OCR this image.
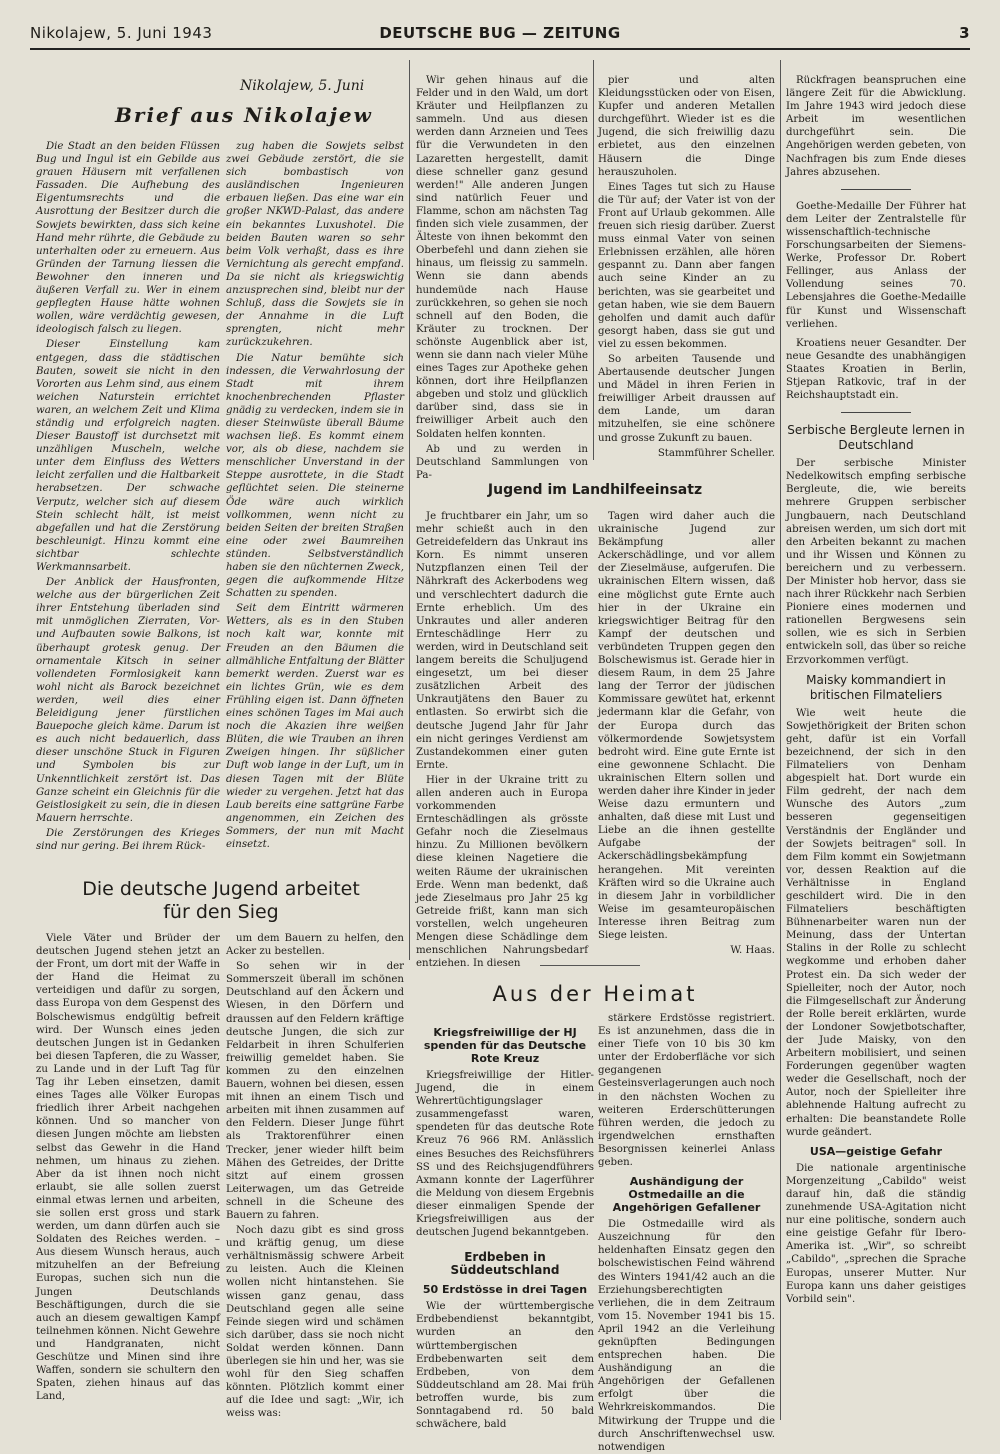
Nikolajew, 5. Juni 1943	DEUTSCHE BUG — ZEITUNG	3
Nikolajew, 5. Juni
Brief aus Nikolajew

Die Stadt an den beiden Flüssen Bug und Ingul ist ein Gebilde aus grauen Häusern mit verfallenen Fassaden. Die Aufhebung des Eigentumsrechts und die Ausrottung der Besitzer durch die Sowjets bewirkten, dass sich keine Hand mehr rührte, die Gebäude zu unterhalten oder zu erneuern. Aus Gründen der Tarnung liessen die Bewohner den inneren und äußeren Verfall zu. Wer in einem gepflegten Hause hätte wohnen wollen, wäre verdächtig gewesen, ideologisch falsch zu liegen.

Dieser Einstellung kam entgegen, dass die städtischen Bauten, soweit sie nicht in den Vororten aus Lehm sind, aus einem weichen Naturstein errichtet waren, an welchem Zeit und Klima ständig und erfolgreich nagten. Dieser Baustoff ist durchsetzt mit unzähligen Muscheln, welche unter dem Einfluss des Wetters leicht zerfallen und die Haltbarkeit herabsetzen. Der schwache Verputz, welcher sich auf diesem Stein schlecht hält, ist meist abgefallen und hat die Zerstörung beschleunigt. Hinzu kommt eine sichtbar schlechte Werkmannsarbeit.

Der Anblick der Hausfronten, welche aus der bürgerlichen Zeit ihrer Entstehung überladen sind mit unmöglichen Zierraten, Vor- und Aufbauten sowie Balkons, ist überhaupt grotesk genug. Der ornamentale Kitsch in seiner vollendeten Formlosigkeit kann wohl nicht als Barock bezeichnet werden, weil dies einer Beleidigung jener fürstlichen Bauepoche gleich käme. Darum ist es auch nicht bedauerlich, dass dieser unschöne Stuck in Figuren und Symbolen bis zur Unkenntlichkeit zerstört ist. Das Ganze scheint ein Gleichnis für die Geistlosigkeit zu sein, die in diesen Mauern herrschte.

Die Zerstörungen des Krieges sind nur gering. Bei ihrem Rück-

zug haben die Sowjets selbst zwei Gebäude zerstört, die sie sich bombastisch von ausländischen Ingenieuren erbauen ließen. Das eine war ein großer NKWD-Palast, das andere ein bekanntes Luxushotel. Die beiden Bauten waren so sehr beim Volk verhaßt, dass es ihre Vernichtung als gerecht empfand. Da sie nicht als kriegswichtig anzusprechen sind, bleibt nur der Schluß, dass die Sowjets sie in der Annahme in die Luft sprengten, nicht mehr zurückzukehren.

Die Natur bemühte sich indessen, die Verwahrlosung der Stadt mit ihrem knochenbrechenden Pflaster gnädig zu verdecken, indem sie in dieser Steinwüste überall Bäume wachsen ließ. Es kommt einem vor, als ob diese, nachdem sie menschlicher Unverstand in der Steppe ausrottete, in die Stadt geflüchtet seien. Die steinerne Öde wäre auch wirklich vollkommen, wenn nicht zu beiden Seiten der breiten Straßen eine oder zwei Baumreihen stünden. Selbstverständlich haben sie den nüchternen Zweck, gegen die aufkommende Hitze Schatten zu spenden.

Seit dem Eintritt wärmeren Wetters, als es in den Stuben noch kalt war, konnte mit Freuden an den Bäumen die allmähliche Entfaltung der Blätter bemerkt werden. Zuerst war es ein lichtes Grün, wie es dem Frühling eigen ist. Dann öffneten eines schönen Tages im Mai auch noch die Akazien ihre weißen Blüten, die wie Trauben an ihren Zweigen hingen. Ihr süßlicher Duft wob lange in der Luft, um in diesen Tagen mit der Blüte wieder zu vergehen. Jetzt hat das Laub bereits eine sattgrüne Farbe angenommen, ein Zeichen des Sommers, der nun mit Macht einsetzt.

Die deutsche Jugend arbeitet
für den Sieg

Viele Väter und Brüder der deutschen Jugend stehen jetzt an der Front, um dort mit der Waffe in der Hand die Heimat zu verteidigen und dafür zu sorgen, dass Europa von dem Gespenst des Bolschewismus endgültig befreit wird. Der Wunsch eines jeden deutschen Jungen ist in Gedanken bei diesen Tapferen, die zu Wasser, zu Lande und in der Luft Tag für Tag ihr Leben einsetzen, damit eines Tages alle Völker Europas friedlich ihrer Arbeit nachgehen können. Und so mancher von diesen Jungen möchte am liebsten selbst das Gewehr in die Hand nehmen, um hinaus zu ziehen. Aber da ist ihnen noch nicht erlaubt, sie alle sollen zuerst einmal etwas lernen und arbeiten, sie sollen erst gross und stark werden, um dann dürfen auch sie Soldaten des Reiches werden. – Aus diesem Wunsch heraus, auch mitzuhelfen an der Befreiung Europas, suchen sich nun die Jungen Deutschlands Beschäftigungen, durch die sie auch an diesem gewaltigen Kampf teilnehmen können. Nicht Gewehre und Handgranaten, nicht Geschütze und Minen sind ihre Waffen, sondern sie schultern den Spaten, ziehen hinaus auf das Land,

um dem Bauern zu helfen, den Acker zu bestellen.

So sehen wir in der Sommerszeit überall im schönen Deutschland auf den Äckern und Wiesen, in den Dörfern und draussen auf den Feldern kräftige deutsche Jungen, die sich zur Feldarbeit in ihren Schulferien freiwillig gemeldet haben. Sie kommen zu den einzelnen Bauern, wohnen bei diesen, essen mit ihnen an einem Tisch und arbeiten mit ihnen zusammen auf den Feldern. Dieser Junge führt als Traktorenführer einen Trecker, jener wieder hilft beim Mähen des Getreides, der Dritte sitzt auf einem grossen Leiterwagen, um das Getreide schnell in die Scheune des Bauern zu fahren.

Noch dazu gibt es sind gross und kräftig genug, um diese verhältnismässig schwere Arbeit zu leisten. Auch die Kleinen wollen nicht hintanstehen. Sie wissen ganz genau, dass Deutschland gegen alle seine Feinde siegen wird und schämen sich darüber, dass sie noch nicht Soldat werden können. Dann überlegen sie hin und her, was sie wohl für den Sieg schaffen könnten. Plötzlich kommt einer auf die Idee und sagt: „Wir, ich weiss was:

Wir gehen hinaus auf die Felder und in den Wald, um dort Kräuter und Heilpflanzen zu sammeln. Und aus diesen werden dann Arzneien und Tees für die Verwundeten in den Lazaretten hergestellt, damit diese schneller ganz gesund werden!" Alle anderen Jungen sind natürlich Feuer und Flamme, schon am nächsten Tag finden sich viele zusammen, der Älteste von ihnen bekommt den Oberbefehl und dann ziehen sie hinaus, um fleissig zu sammeln. Wenn sie dann abends hundemüde nach Hause zurückkehren, so gehen sie noch schnell auf den Boden, die Kräuter zu trocknen. Der schönste Augenblick aber ist, wenn sie dann nach vieler Mühe eines Tages zur Apotheke gehen können, dort ihre Heilpflanzen abgeben und stolz und glücklich darüber sind, dass sie in freiwilliger Arbeit auch den Soldaten helfen konnten.

Ab und zu werden in Deutschland Sammlungen von Pa-

pier und alten Kleidungsstücken oder von Eisen, Kupfer und anderen Metallen durchgeführt. Wieder ist es die Jugend, die sich freiwillig dazu erbietet, aus den einzelnen Häusern die Dinge herauszuholen.

Eines Tages tut sich zu Hause die Tür auf; der Vater ist von der Front auf Urlaub gekommen. Alle freuen sich riesig darüber. Zuerst muss einmal Vater von seinen Erlebnissen erzählen, alle hören gespannt zu. Dann aber fangen auch seine Kinder an zu berichten, was sie gearbeitet und getan haben, wie sie dem Bauern geholfen und damit auch dafür gesorgt haben, dass sie gut und viel zu essen bekommen.

So arbeiten Tausende und Abertausende deutscher Jungen und Mädel in ihren Ferien in freiwilliger Arbeit draussen auf dem Lande, um daran mitzuhelfen, sie eine schönere und grosse Zukunft zu bauen.

Stammführer Scheller.

Jugend im Landhilfeeinsatz

Je fruchtbarer ein Jahr, um so mehr schießt auch in den Getreidefeldern das Unkraut ins Korn. Es nimmt unseren Nutzpflanzen einen Teil der Nährkraft des Ackerbodens weg und verschlechtert dadurch die Ernte erheblich. Um des Unkrautes und aller anderen Ernteschädlinge Herr zu werden, wird in Deutschland seit langem bereits die Schuljugend eingesetzt, um bei dieser zusätzlichen Arbeit des Unkrautjätens den Bauer zu entlasten. So erwirbt sich die deutsche Jugend Jahr für Jahr ein nicht geringes Verdienst am Zustandekommen einer guten Ernte.

Hier in der Ukraine tritt zu allen anderen auch in Europa vorkommenden Ernteschädlingen als grösste Gefahr noch die Zieselmaus hinzu. Zu Millionen bevölkern diese kleinen Nagetiere die weiten Räume der ukrainischen Erde. Wenn man bedenkt, daß jede Zieselmaus pro Jahr 25 kg Getreide frißt, kann man sich vorstellen, welch ungeheuren Mengen diese Schädlinge dem menschlichen Nahrungsbedarf entziehen. In diesen

Tagen wird daher auch die ukrainische Jugend zur Bekämpfung aller Ackerschädlinge, und vor allem der Zieselmäuse, aufgerufen. Die ukrainischen Eltern wissen, daß eine möglichst gute Ernte auch hier in der Ukraine ein kriegswichtiger Beitrag für den Kampf der deutschen und verbündeten Truppen gegen den Bolschewismus ist. Gerade hier in diesem Raum, in dem 25 Jahre lang der Terror der jüdischen Kommissare gewütet hat, erkennt jedermann klar die Gefahr, von der Europa durch das völkermordende Sowjetsystem bedroht wird. Eine gute Ernte ist eine gewonnene Schlacht. Die ukrainischen Eltern sollen und werden daher ihre Kinder in jeder Weise dazu ermuntern und anhalten, daß diese mit Lust und Liebe an die ihnen gestellte Aufgabe der Ackerschädlingsbekämpfung herangehen. Mit vereinten Kräften wird so die Ukraine auch in diesem Jahr in vorbildlicher Weise im gesamteuropäischen Interesse ihren Beitrag zum Siege leisten.

W. Haas.

Aus der Heimat
Kriegsfreiwillige der HJ spenden für das Deutsche Rote Kreuz

Kriegsfreiwillige der Hitler-Jugend, die in einem Wehrertüchtigungslager zusammengefasst waren, spendeten für das deutsche Rote Kreuz 76 966 RM. Anlässlich eines Besuches des Reichsführers SS und des Reichsjugendführers Axmann konnte der Lagerführer die Meldung von diesem Ergebnis dieser einmaligen Spende der Kriegsfreiwilligen aus der deutschen Jugend bekanntgeben.

Erdbeben in Süddeutschland
50 Erdstösse in drei Tagen

Wie der württembergische Erdbebendienst bekanntgibt, wurden an den württembergischen Erdbebenwarten seit dem Erdbeben, von dem Süddeutschland am 28. Mai früh betroffen wurde, bis zum Sonntagabend rd. 50 bald schwächere, bald

stärkere Erdstösse registriert. Es ist anzunehmen, dass die in einer Tiefe von 10 bis 30 km unter der Erdoberfläche vor sich gegangenen Gesteinsverlagerungen auch noch in den nächsten Wochen zu weiteren Erderschütterungen führen werden, die jedoch zu irgendwelchen ernsthaften Besorgnissen keinerlei Anlass geben.

Aushändigung der Ostmedaille an die Angehörigen Gefallener

Die Ostmedaille wird als Auszeichnung für den heldenhaften Einsatz gegen den bolschewistischen Feind während des Winters 1941/42 auch an die Erziehungsberechtigten verliehen, die in dem Zeitraum vom 15. November 1941 bis 15. April 1942 an die Verleihung geknüpften Bedingungen entsprechen haben. Die Aushändigung an die Angehörigen der Gefallenen erfolgt über die Wehrkreiskommandos. Die Mitwirkung der Truppe und die durch Anschriftenwechsel usw. notwendigen

Rückfragen beanspruchen eine längere Zeit für die Abwicklung. Im Jahre 1943 wird jedoch diese Arbeit im wesentlichen durchgeführt sein. Die Angehörigen werden gebeten, von Nachfragen bis zum Ende dieses Jahres abzusehen.

Goethe-Medaille Der Führer hat dem Leiter der Zentralstelle für wissenschaftlich-technische Forschungsarbeiten der Siemens-Werke, Professor Dr. Robert Fellinger, aus Anlass der Vollendung seines 70. Lebensjahres die Goethe-Medaille für Kunst und Wissenschaft verliehen.

Kroatiens neuer Gesandter. Der neue Gesandte des unabhängigen Staates Kroatien in Berlin, Stjepan Ratkovic, traf in der Reichshauptstadt ein.

Serbische Bergleute lernen in Deutschland

Der serbische Minister Nedelkowitsch empfing serbische Bergleute, die, wie bereits mehrere Gruppen serbischer Jungbauern, nach Deutschland abreisen werden, um sich dort mit den Arbeiten bekannt zu machen und ihr Wissen und Können zu bereichern und zu verbessern. Der Minister hob hervor, dass sie nach ihrer Rückkehr nach Serbien Pioniere eines modernen und rationellen Bergwesens sein sollen, wie es sich in Serbien entwickeln soll, das über so reiche Erzvorkommen verfügt.

Maisky kommandiert in britischen Filmateliers

Wie weit heute die Sowjethörigkeit der Briten schon geht, dafür ist ein Vorfall bezeichnend, der sich in den Filmateliers von Denham abgespielt hat. Dort wurde ein Film gedreht, der nach dem Wunsche des Autors „zum besseren gegenseitigen Verständnis der Engländer und der Sowjets beitragen" soll. In dem Film kommt ein Sowjetmann vor, dessen Reaktion auf die Verhältnisse in England geschildert wird. Die in den Filmateliers beschäftigten Bühnenarbeiter waren nun der Meinung, dass der Untertan Stalins in der Rolle zu schlecht wegkomme und erhoben daher Protest ein. Da sich weder der Spielleiter, noch der Autor, noch die Filmgesellschaft zur Änderung der Rolle bereit erklärten, wurde der Londoner Sowjetbotschafter, der Jude Maisky, von den Arbeitern mobilisiert, und seinen Forderungen gegenüber wagten weder die Gesellschaft, noch der Autor, noch der Spielleiter ihre ablehnende Haltung aufrecht zu erhalten: Die beanstandete Rolle wurde geändert.

USA—geistige Gefahr

Die nationale argentinische Morgenzeitung „Cabildo" weist darauf hin, daß die ständig zunehmende USA-Agitation nicht nur eine politische, sondern auch eine geistige Gefahr für Ibero-Amerika ist. „Wir", so schreibt „Cabildo", „sprechen die Sprache Europas, unserer Mutter. Nur Europa kann uns daher geistiges Vorbild sein".
